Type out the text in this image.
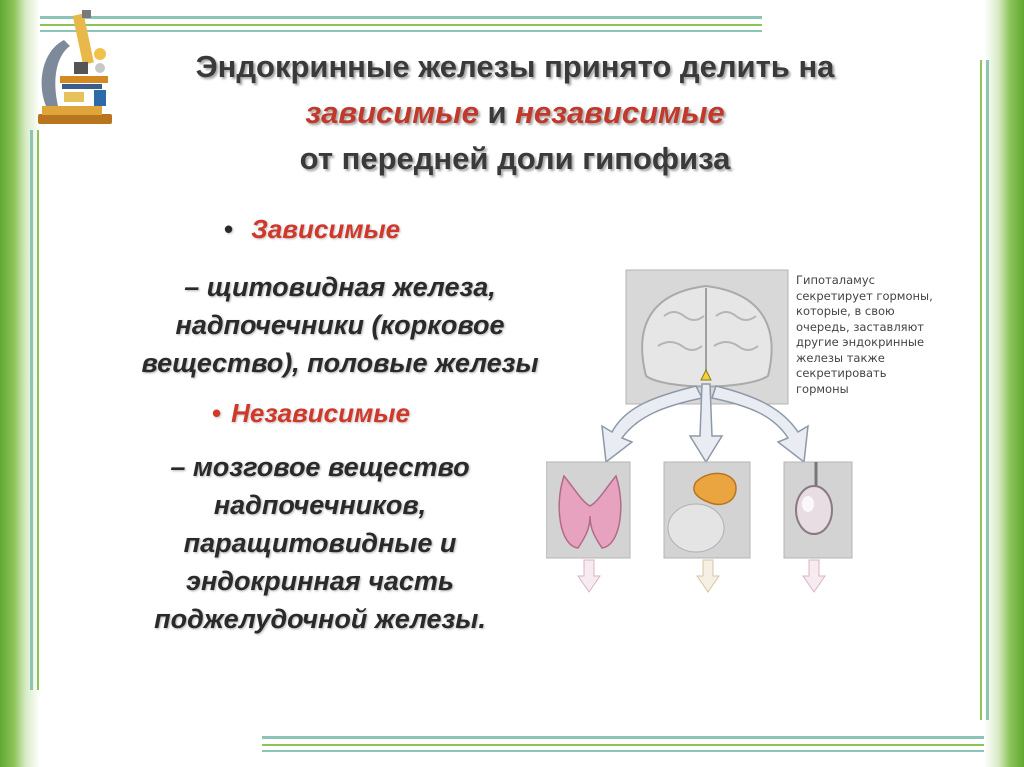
Эндокринные железы принято делить на
зависимые и независимые
от передней доли гипофиза
• Зависимые
– щитовидная железа,
надпочечники (корковое
вещество), половые железы
• Независимые
– мозговое вещество
надпочечников,
паращитовидные и
эндокринная часть
поджелудочной железы.
Гипоталамус
секретирует гормоны,
которые, в свою
очередь, заставляют
другие эндокринные
железы также
секретировать
гормоны
